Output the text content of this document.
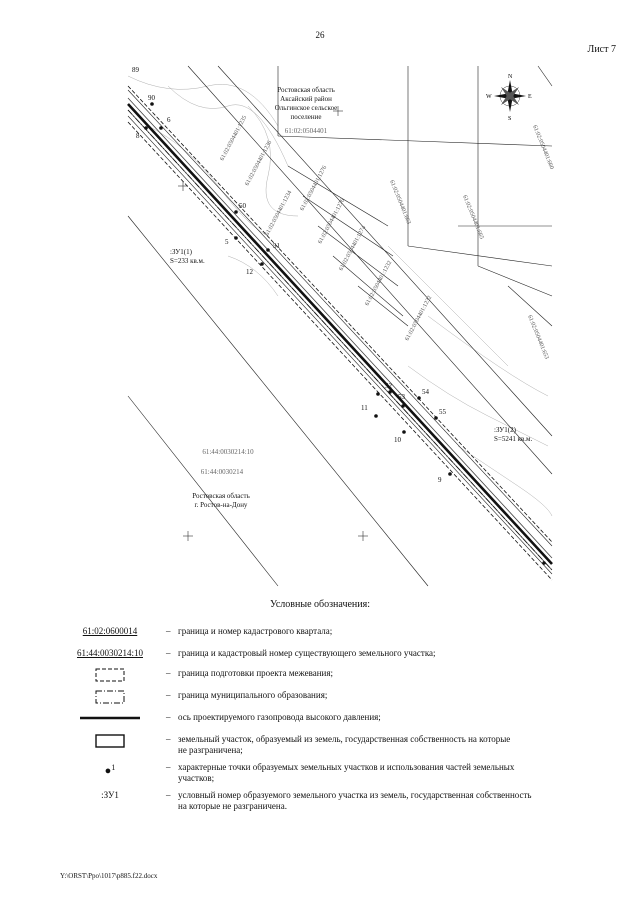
26
Лист 7
N
S
W	E
Ростовская область
Аксайский район
Ольгинское сельское
поселение
61:02:0504401
Ростовская область
г. Ростов-на-Дону
61:44:0030214:10
61:44:0030214
61:02:0504401:663	61:02:0504401:665
61:02:0504401:660
61:02:0504401:1276
61:02:0504401:1276
61:02:0504401:1274
61:02:0504401:1232
61:02:0504401:1236
61:02:0504401:1235
61:02:0504401:1232
61:02:0504401:1234
61:02:0504401:653
:ЗУ1(1)
S=233 кв.м.
:ЗУ1(2)
S=5241 кв.м.
89
90
8
6
50
5	51
12
52
53
54
55
11
10
9
Условные обозначения:
61:02:0600014	– граница и номер кадастрового квартала;
61:44:0030214:10	– граница и кадастровый номер существующего земельного участка;
– граница подготовки проекта межевания;
– граница муниципального образования;
– ось проектируемого газопровода высокого давления;
– земельный участок, образуемый из земель, государственная собственность на которые
не разграничена;
●$^1$	– характерные точки образуемых земельных участков и использования частей земельных
участков;
:ЗУ1	– условный номер образуемого земельного участка из земель, государственная собственность
на которые не разграничена.
Y:\ORST\Ppo\1017\p885.f22.docx
